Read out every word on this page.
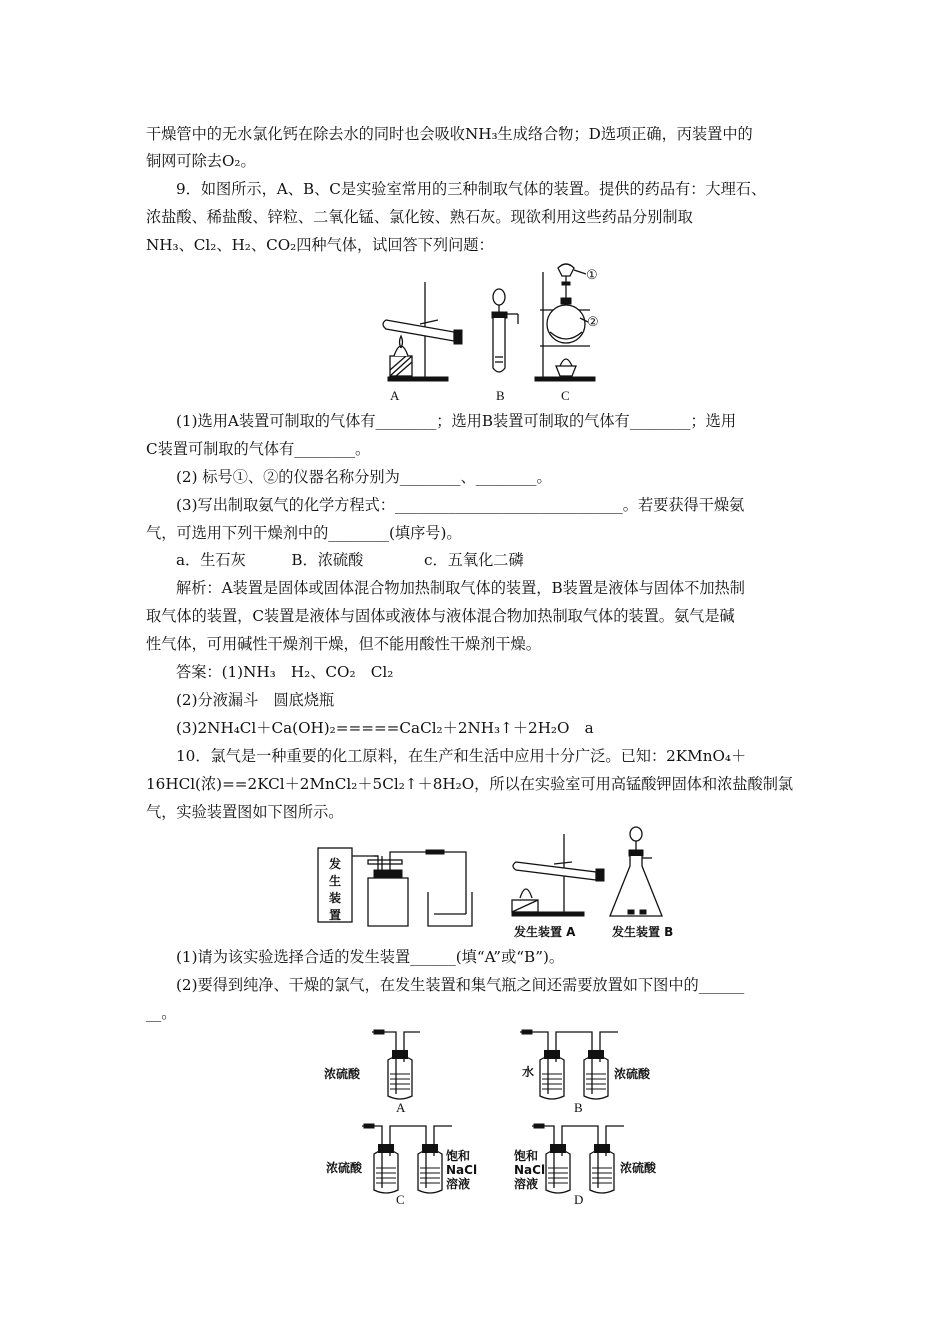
干燥管中的无水氯化钙在除去水的同时也会吸收NH₃生成络合物；D选项正确，丙装置中的
铜网可除去O₂。
9．如图所示，A、B、C是实验室常用的三种制取气体的装置。提供的药品有：大理石、
浓盐酸、稀盐酸、锌粒、二氧化锰、氯化铵、熟石灰。现欲利用这些药品分别制取
NH₃、Cl₂、H₂、CO₂四种气体，试回答下列问题：
A	B
①
②
C
(1)选用A装置可制取的气体有________；选用B装置可制取的气体有________；选用
C装置可制取的气体有________。
(2) 标号①、②的仪器名称分别为________、________。
(3)写出制取氨气的化学方程式：______________________________。若要获得干燥氨
气，可选用下列干燥剂中的________(填序号)。
a．生石灰　　　B．浓硫酸　　　　c．五氧化二磷
解析：A装置是固体或固体混合物加热制取气体的装置，B装置是液体与固体不加热制
取气体的装置，C装置是液体与固体或液体与液体混合物加热制取气体的装置。氨气是碱
性气体，可用碱性干燥剂干燥，但不能用酸性干燥剂干燥。
答案：(1)NH₃　H₂、CO₂　Cl₂
(2)分液漏斗　圆底烧瓶
(3)2NH₄Cl＋Ca(OH)₂=====CaCl₂＋2NH₃↑＋2H₂O　a
10．氯气是一种重要的化工原料，在生产和生活中应用十分广泛。已知：2KMnO₄＋
16HCl(浓)==2KCl＋2MnCl₂＋5Cl₂↑＋8H₂O，所以在实验室可用高锰酸钾固体和浓盐酸制氯
气，实验装置图如下图所示。
发生装置
发生装置 A	发生装置 B
(1)请为该实验选择合适的发生装置______(填“A”或“B”)。
(2)要得到纯净、干燥的氯气，在发生装置和集气瓶之间还需要放置如下图中的______
__。
浓硫酸
A
水	浓硫酸
B
浓硫酸
饱和 NaCl 溶液
C
饱和 NaCl 溶液
浓硫酸
D
